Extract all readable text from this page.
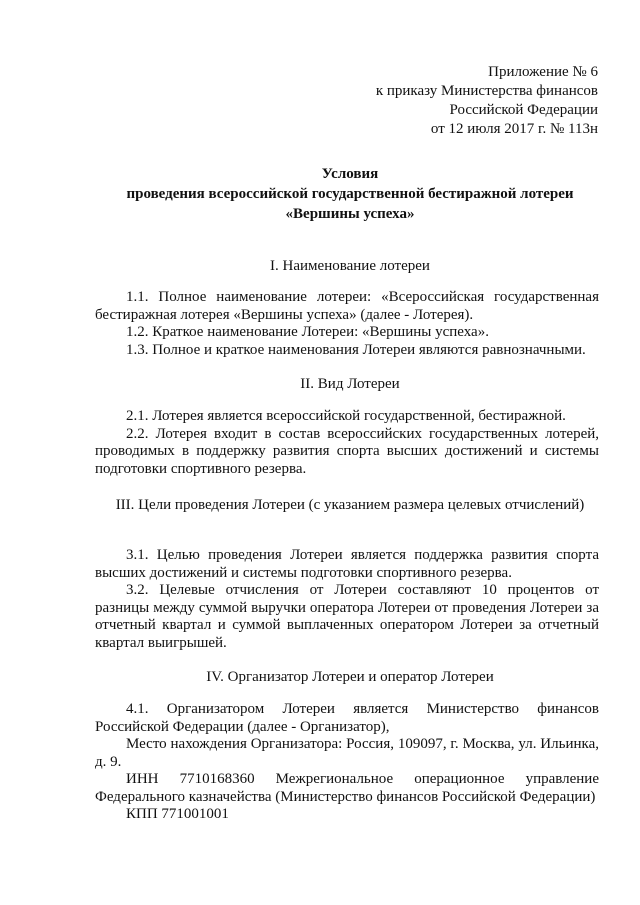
Приложение № 6
к приказу Министерства финансов
Российской Федерации
от 12 июля 2017 г. № 113н
Условия
проведения всероссийской государственной бестиражной лотереи
«Вершины успеха»
I. Наименование лотереи

1.1. Полное наименование лотереи: «Всероссийская государственная бестиражная лотерея «Вершины успеха» (далее - Лотерея).

1.2. Краткое наименование Лотереи: «Вершины успеха».

1.3. Полное и краткое наименования Лотереи являются равнозначными.

II. Вид Лотереи

2.1. Лотерея является всероссийской государственной, бестиражной.

2.2. Лотерея входит в состав всероссийских государственных лотерей, проводимых в поддержку развития спорта высших достижений и системы подготовки спортивного резерва.

III. Цели проведения Лотереи (с указанием размера целевых отчислений)

3.1. Целью проведения Лотереи является поддержка развития спорта высших достижений и системы подготовки спортивного резерва.

3.2. Целевые отчисления от Лотереи составляют 10 процентов от разницы между суммой выручки оператора Лотереи от проведения Лотереи за отчетный квартал и суммой выплаченных оператором Лотереи за отчетный квартал выигрышей.

IV. Организатор Лотереи и оператор Лотереи

4.1. Организатором Лотереи является Министерство финансов Российской Федерации (далее - Организатор),

Место нахождения Организатора: Россия, 109097, г. Москва, ул. Ильинка, д. 9.

ИНН 7710168360 Межрегиональное операционное управление Федерального казначейства (Министерство финансов Российской Федерации)

КПП 771001001
